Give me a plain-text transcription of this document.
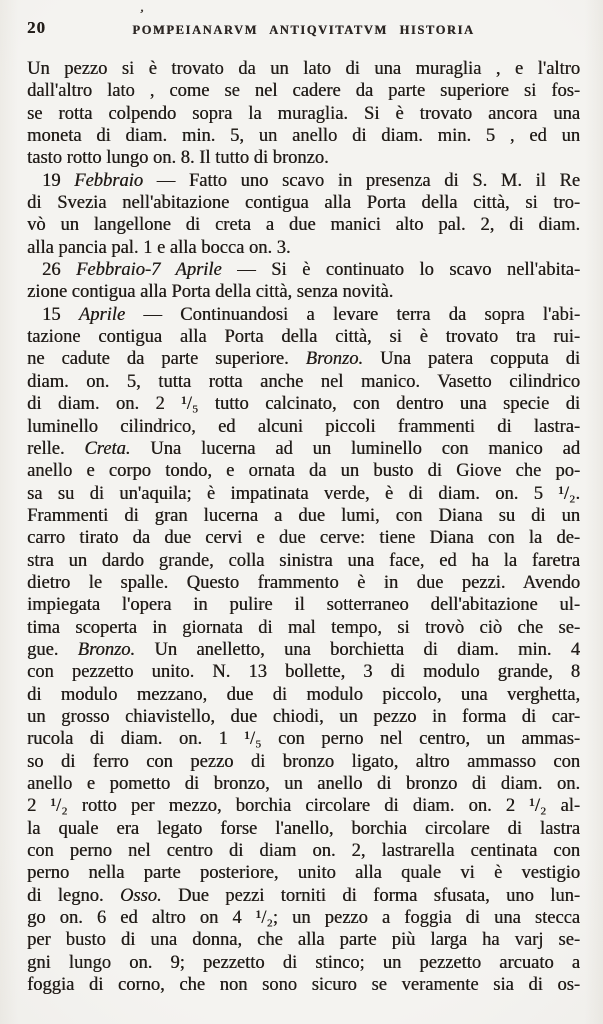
20
ʼ
POMPEIANARVM ANTIQVITATVM HISTORIA
Un pezzo si è trovato da un lato di una muraglia , e l'altro
dall'altro lato , come se nel cadere da parte superiore si fos-
se rotta colpendo sopra la muraglia. Si è trovato ancora una
moneta di diam. min. 5, un anello di diam. min. 5 , ed un
tasto rotto lungo on. 8. Il tutto di bronzo.
19 Febbraio — Fatto uno scavo in presenza di S. M. il Re
di Svezia nell'abitazione contigua alla Porta della città, si tro-
vò un langellone di creta a due manici alto pal. 2, di diam.
alla pancia pal. 1 e alla bocca on. 3.
26 Febbraio-7 Aprile — Si è continuato lo scavo nell'abita-
zione contigua alla Porta della città, senza novità.
15 Aprile — Continuandosi a levare terra da sopra l'abi-
tazione contigua alla Porta della città, si è trovato tra rui-
ne cadute da parte superiore. Bronzo. Una patera copputa di
diam. on. 5, tutta rotta anche nel manico. Vasetto cilindrico
di diam. on. 2 ¹/₅ tutto calcinato, con dentro una specie di
luminello cilindrico, ed alcuni piccoli frammenti di lastra-
relle. Creta. Una lucerna ad un luminello con manico ad
anello e corpo tondo, e ornata da un busto di Giove che po-
sa su di un'aquila; è impatinata verde, è di diam. on. 5 ¹/₂.
Frammenti di gran lucerna a due lumi, con Diana su di un
carro tirato da due cervi e due cerve: tiene Diana con la de-
stra un dardo grande, colla sinistra una face, ed ha la faretra
dietro le spalle. Questo frammento è in due pezzi. Avendo
impiegata l'opera in pulire il sotterraneo dell'abitazione ul-
tima scoperta in giornata di mal tempo, si trovò ciò che se-
gue. Bronzo. Un anelletto, una borchietta di diam. min. 4
con pezzetto unito. N. 13 bollette, 3 di modulo grande, 8
di modulo mezzano, due di modulo piccolo, una verghetta,
un grosso chiavistello, due chiodi, un pezzo in forma di car-
rucola di diam. on. 1 ¹/₅ con perno nel centro, un ammas-
so di ferro con pezzo di bronzo ligato, altro ammasso con
anello e pometto di bronzo, un anello di bronzo di diam. on.
2 ¹/₂ rotto per mezzo, borchia circolare di diam. on. 2 ¹/₂ al-
la quale era legato forse l'anello, borchia circolare di lastra
con perno nel centro di diam on. 2, lastrarella centinata con
perno nella parte posteriore, unito alla quale vi è vestigio
di legno. Osso. Due pezzi torniti di forma sfusata, uno lun-
go on. 6 ed altro on 4 ¹/₂; un pezzo a foggia di una stecca
per busto di una donna, che alla parte più larga ha varj se-
gni lungo on. 9; pezzetto di stinco; un pezzetto arcuato a
foggia di corno, che non sono sicuro se veramente sia di os-
